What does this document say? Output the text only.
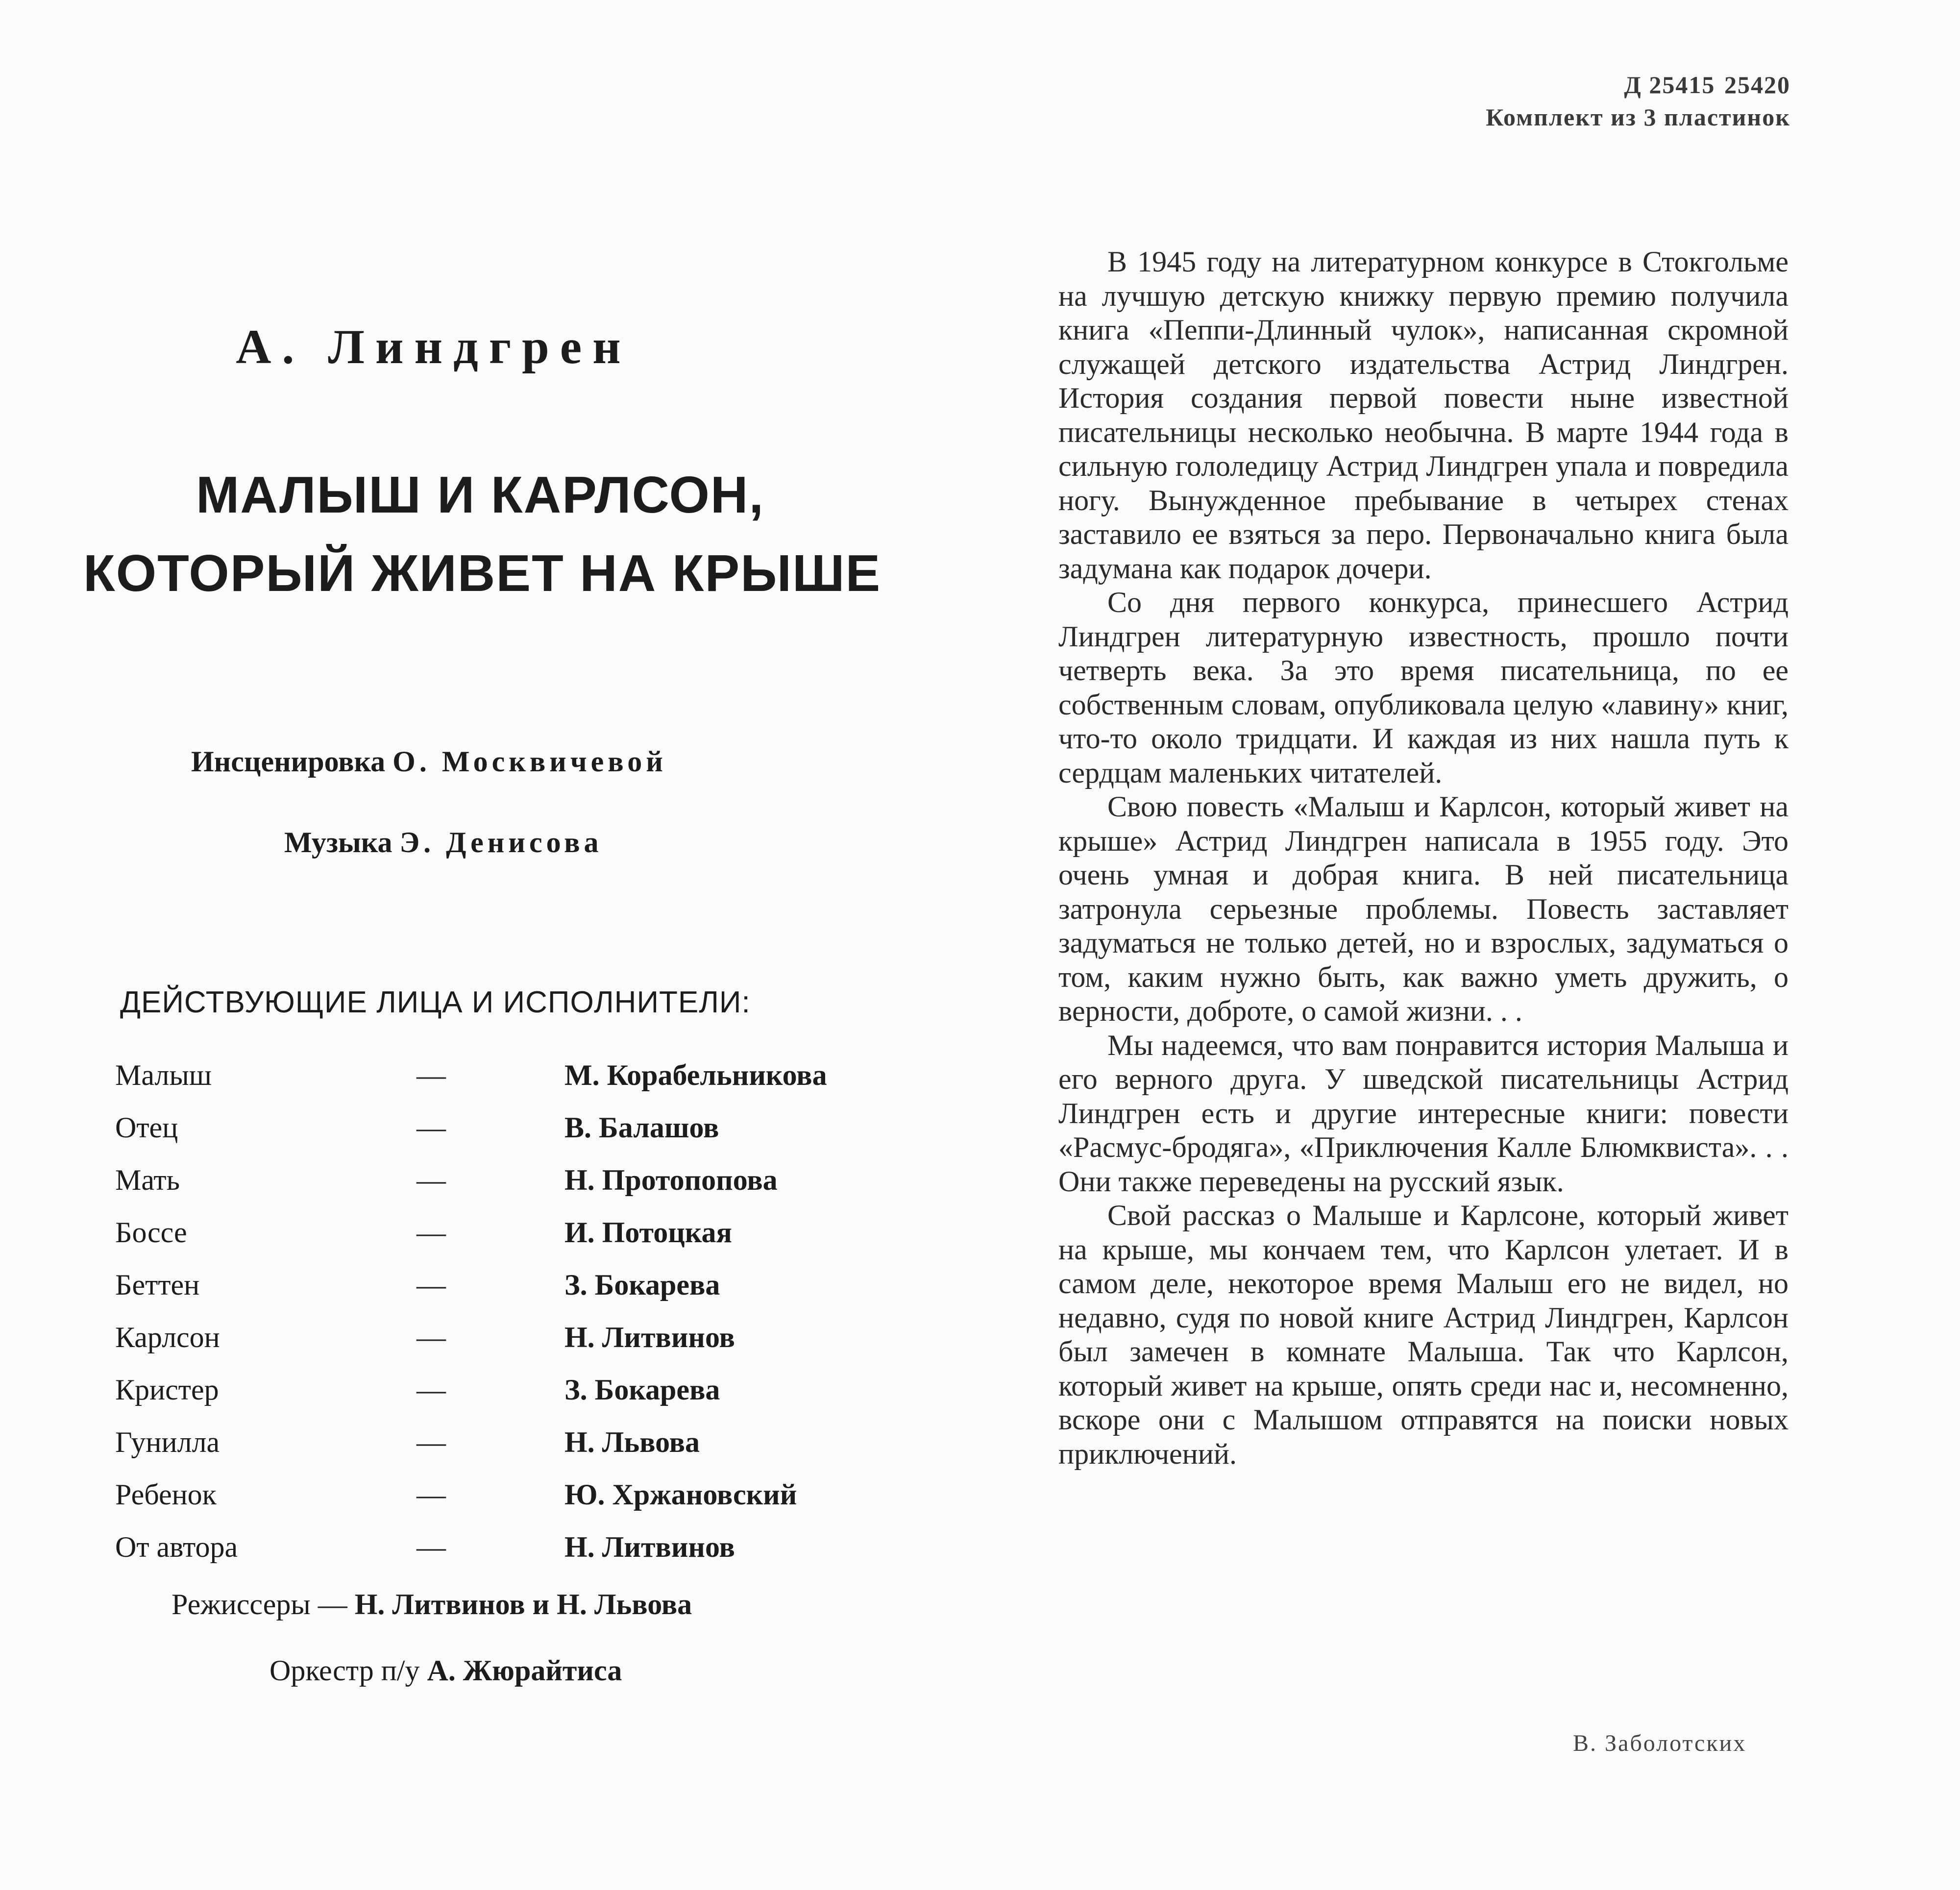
Д 25415 25420
Комплект из 3 пластинок
А. Линдгрен
МАЛЫШ И КАРЛСОН,
КОТОРЫЙ ЖИВЕТ НА КРЫШЕ
Инсценировка О. Москвичевой
Музыка Э. Денисова
ДЕЙСТВУЮЩИЕ ЛИЦА И ИСПОЛНИТЕЛИ:
Малыш	—	М. Корабельникова
Отец	—	В. Балашов
Мать	—	Н. Протопопова
Боссе	—	И. Потоцкая
Беттен	—	З. Бокарева
Карлсон	—	Н. Литвинов
Кристер	—	З. Бокарева
Гунилла	—	Н. Львова
Ребенок	—	Ю. Хржановский
От автора	—	Н. Литвинов
Режиссеры — Н. Литвинов и Н. Львова
Оркестр п/у А. Жюрайтиса

В 1945 году на литературном конкурсе в Стокгольме на лучшую детскую книжку первую премию получила книга «Пеппи-Длинный чулок», написанная скромной служащей детского издательства Астрид Линдгрен. История создания первой повести ныне известной писательницы несколько необычна. В марте 1944 года в сильную гололедицу Астрид Линдгрен упала и повредила ногу. Вынужденное пребывание в четырех стенах заставило ее взяться за перо. Первоначально книга была задумана как подарок дочери.

Со дня первого конкурса, принесшего Астрид Линдгрен литературную известность, прошло почти четверть века. За это время писательница, по ее собственным словам, опубликовала целую «лавину» книг, что-то около тридцати. И каждая из них нашла путь к сердцам маленьких читателей.

Свою повесть «Малыш и Карлсон, который живет на крыше» Астрид Линдгрен написала в 1955 году. Это очень умная и добрая книга. В ней писательница затронула серьезные проблемы. Повесть заставляет задуматься не только детей, но и взрослых, задуматься о том, каким нужно быть, как важно уметь дружить, о верности, доброте, о самой жизни. . .

Мы надеемся, что вам понравится история Малыша и его верного друга. У шведской писательницы Астрид Линдгрен есть и другие интересные книги: повести «Расмус-бродяга», «Приключения Калле Блюмквиста». . . Они также переведены на русский язык.

Свой рассказ о Малыше и Карлсоне, который живет на крыше, мы кончаем тем, что Карлсон улетает. И в самом деле, некоторое время Малыш его не видел, но недавно, судя по новой книге Астрид Линдгрен, Карлсон был замечен в комнате Малыша. Так что Карлсон, который живет на крыше, опять среди нас и, несомненно, вскоре они с Малышом отправятся на поиски новых приключений.

В. Заболотских
